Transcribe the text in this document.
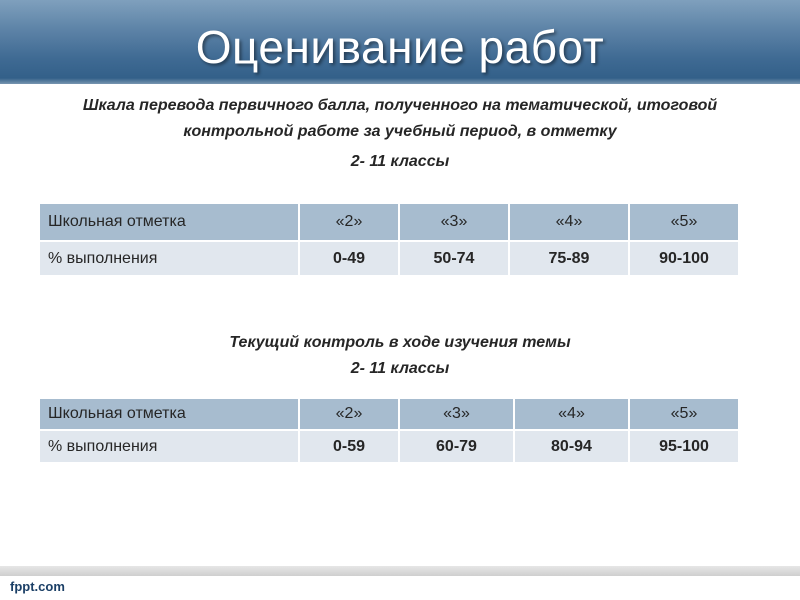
Оценивание работ
Шкала перевода первичного балла, полученного на тематической, итоговой контрольной работе за учебный период, в отметку
2- 11 классы
Школьная отметка	«2»	«3»	«4»	«5»
% выполнения	0-49	50-74	75-89	90-100
Текущий контроль в ходе изучения темы
2- 11 классы
Школьная отметка	«2»	«3»	«4»	«5»
% выполнения	0-59	60-79	80-94	95-100
fppt.com
